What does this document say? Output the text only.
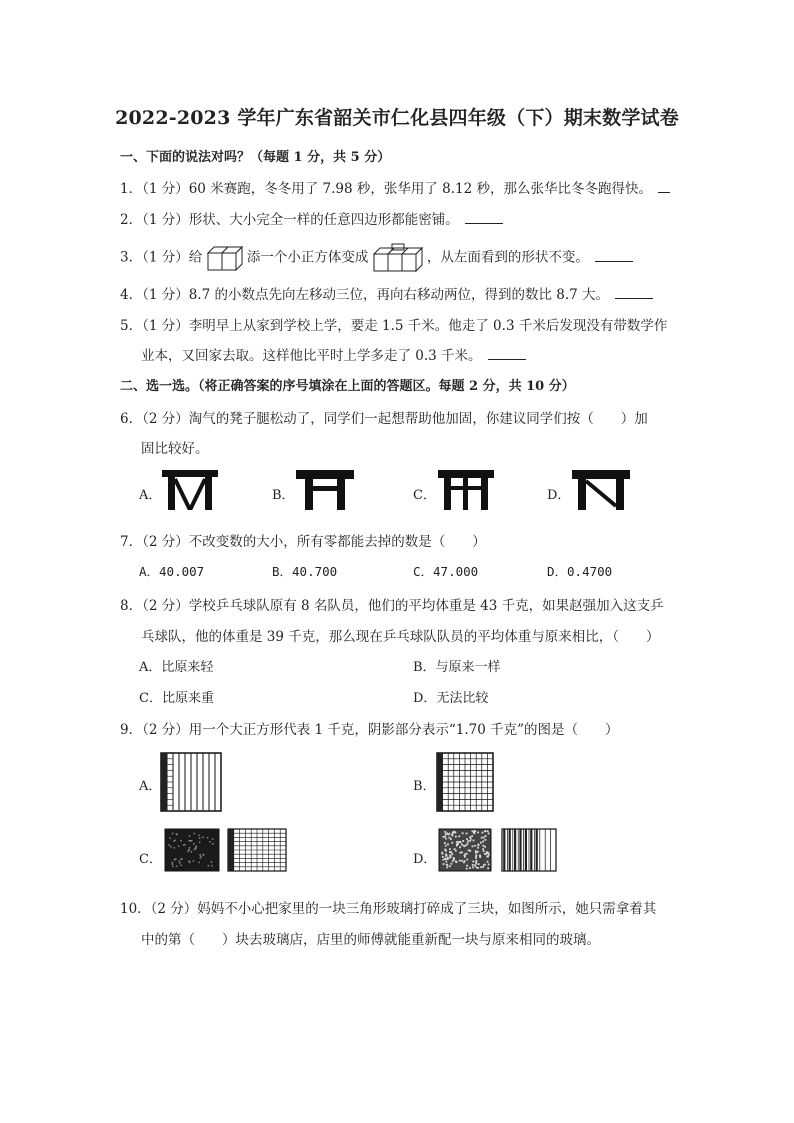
2022-2023 学年广东省韶关市仁化县四年级（下）期末数学试卷
一、下面的说法对吗？（每题 1 分，共 5 分）
1．（1 分）60 米赛跑，冬冬用了 7.98 秒，张华用了 8.12 秒，那么张华比冬冬跑得快。
2．（1 分）形状、大小完全一样的任意四边形都能密铺。
3．（1 分）给	添一个小正方体变成	，从左面看到的形状不变。
4．（1 分）8.7 的小数点先向左移动三位，再向右移动两位，得到的数比 8.7 大。
5．（1 分）李明早上从家到学校上学，要走 1.5 千米。他走了 0.3 千米后发现没有带数学作
业本，又回家去取。这样他比平时上学多走了 0.3 千米。
二、选一选。（将正确答案的序号填涂在上面的答题区。每题 2 分，共 10 分）
6．（2 分）淘气的凳子腿松动了，同学们一起想帮助他加固，你建议同学们按（　　）加
固比较好。
A．	B．	C．	D．
7．（2 分）不改变数的大小，所有零都能去掉的数是（　　）
A．40.007	B．40.700	C．47.000	D．0.4700
8．（2 分）学校乒乓球队原有 8 名队员，他们的平均体重是 43 千克，如果赵强加入这支乒
乓球队，他的体重是 39 千克，那么现在乒乓球队队员的平均体重与原来相比，（　　）
A．比原来轻	B．与原来一样
C．比原来重	D．无法比较
9．（2 分）用一个大正方形代表 1 千克，阴影部分表示“1.70 千克”的图是（　　）
A．	B．
C．	D．
10．（2 分）妈妈不小心把家里的一块三角形玻璃打碎成了三块，如图所示，她只需拿着其
中的第（　　）块去玻璃店，店里的师傅就能重新配一块与原来相同的玻璃。
